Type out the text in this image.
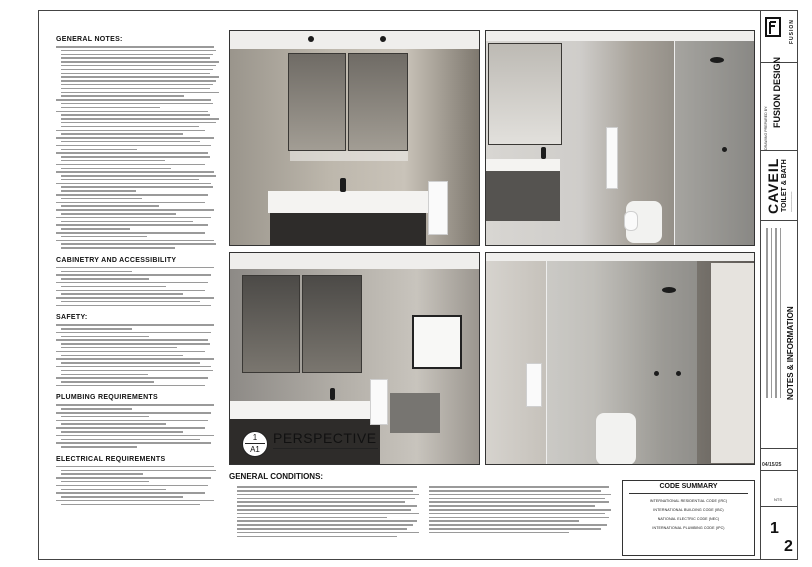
GENERAL NOTES:
CABINETRY AND ACCESSIBILITY
SAFETY:
PLUMBING REQUIREMENTS
ELECTRICAL REQUIREMENTS
1
A1
PERSPECTIVE
GENERAL CONDITIONS:
CODE SUMMARY
INTERNATIONAL RESIDENTIAL CODE (IRC)
INTERNATIONAL BUILDING CODE (IBC)
NATIONAL ELECTRIC CODE (NEC)
INTERNATIONAL PLUMBING CODE (IPC)
FUSION
DRAWING PREPARED BY: FUSION DESIGN
CAVEIL TOILET & BATH ────────
NOTES & INFORMATION
04/15/25
NTS
1
2
